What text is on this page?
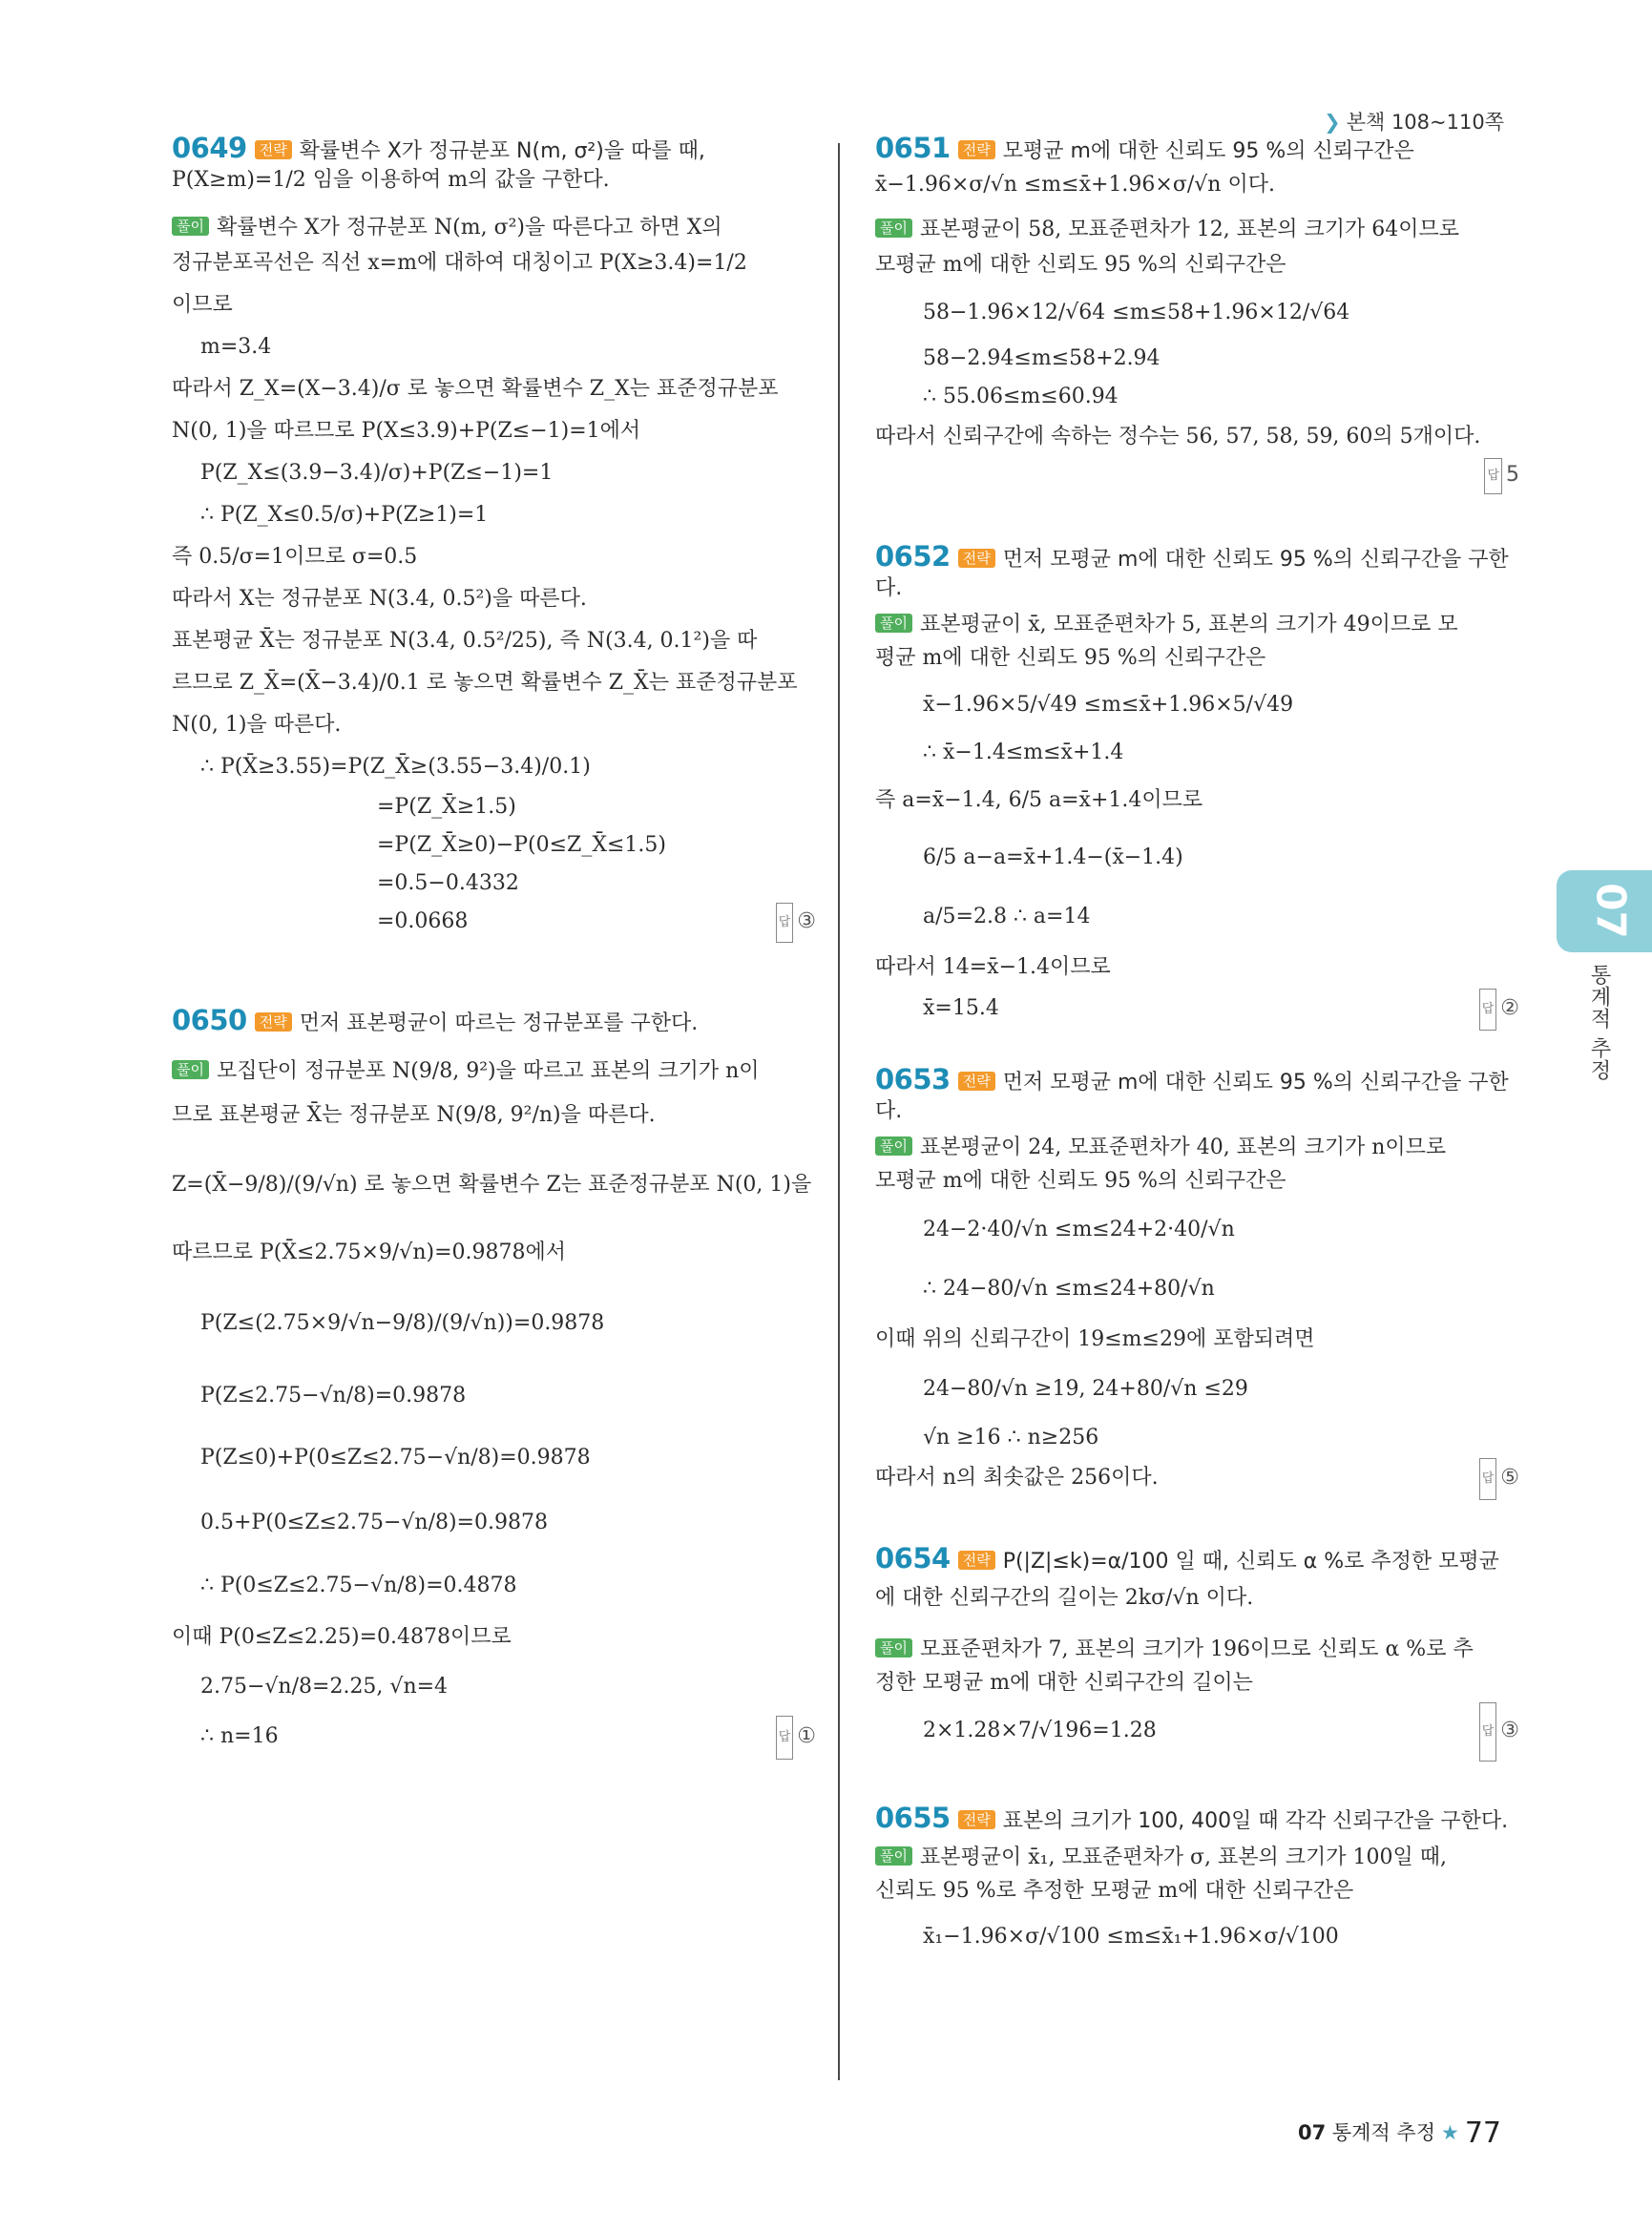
❯ 본책 108~110쪽
0649 전략 확률변수 X가 정규분포 N(m, σ²)을 따를 때,

P(X≥m)=1/2 임을 이용하여 m의 값을 구한다.

풀이 확률변수 X가 정규분포 N(m, σ²)을 따른다고 하면 X의

정규분포곡선은 직선 x=m에 대하여 대칭이고 P(X≥3.4)=1/2

이므로

m=3.4

따라서 Z_X=(X−3.4)/σ 로 놓으면 확률변수 Z_X는 표준정규분포

N(0, 1)을 따르므로 P(X≤3.9)+P(Z≤−1)=1에서

P(Z_X≤(3.9−3.4)/σ)+P(Z≤−1)=1

∴ P(Z_X≤0.5/σ)+P(Z≥1)=1

즉 0.5/σ=1이므로 σ=0.5

따라서 X는 정규분포 N(3.4, 0.5²)을 따른다.

표본평균 X̄는 정규분포 N(3.4, 0.5²/25), 즉 N(3.4, 0.1²)을 따

르므로 Z_X̄=(X̄−3.4)/0.1 로 놓으면 확률변수 Z_X̄는 표준정규분포

N(0, 1)을 따른다.

∴ P(X̄≥3.55)=P(Z_X̄≥(3.55−3.4)/0.1)

=P(Z_X̄≥1.5)

=P(Z_X̄≥0)−P(0≤Z_X̄≤1.5)

=0.5−0.4332

=0.0668	답 ③

0650 전략 먼저 표본평균이 따르는 정규분포를 구한다.

풀이 모집단이 정규분포 N(9/8, 9²)을 따르고 표본의 크기가 n이

므로 표본평균 X̄는 정규분포 N(9/8, 9²/n)을 따른다.

Z=(X̄−9/8)/(9/√n) 로 놓으면 확률변수 Z는 표준정규분포 N(0, 1)을

따르므로 P(X̄≤2.75×9/√n)=0.9878에서

P(Z≤(2.75×9/√n−9/8)/(9/√n))=0.9878

P(Z≤2.75−√n/8)=0.9878

P(Z≤0)+P(0≤Z≤2.75−√n/8)=0.9878

0.5+P(0≤Z≤2.75−√n/8)=0.9878

∴ P(0≤Z≤2.75−√n/8)=0.4878

이때 P(0≤Z≤2.25)=0.4878이므로

2.75−√n/8=2.25, √n=4

∴ n=16	답 ①

0651 전략 모평균 m에 대한 신뢰도 95 %의 신뢰구간은

x̄−1.96×σ/√n ≤m≤x̄+1.96×σ/√n 이다.

풀이 표본평균이 58, 모표준편차가 12, 표본의 크기가 64이므로

모평균 m에 대한 신뢰도 95 %의 신뢰구간은

58−1.96×12/√64 ≤m≤58+1.96×12/√64

58−2.94≤m≤58+2.94

∴ 55.06≤m≤60.94

따라서 신뢰구간에 속하는 정수는 56, 57, 58, 59, 60의 5개이다.

답 5

0652 전략 먼저 모평균 m에 대한 신뢰도 95 %의 신뢰구간을 구한다.

풀이 표본평균이 x̄, 모표준편차가 5, 표본의 크기가 49이므로 모

평균 m에 대한 신뢰도 95 %의 신뢰구간은

x̄−1.96×5/√49 ≤m≤x̄+1.96×5/√49

∴ x̄−1.4≤m≤x̄+1.4

즉 a=x̄−1.4, 6/5 a=x̄+1.4이므로

6/5 a−a=x̄+1.4−(x̄−1.4)

a/5=2.8 ∴ a=14

따라서 14=x̄−1.4이므로

x̄=15.4	답 ②

0653 전략 먼저 모평균 m에 대한 신뢰도 95 %의 신뢰구간을 구한다.

풀이 표본평균이 24, 모표준편차가 40, 표본의 크기가 n이므로

모평균 m에 대한 신뢰도 95 %의 신뢰구간은

24−2·40/√n ≤m≤24+2·40/√n

∴ 24−80/√n ≤m≤24+80/√n

이때 위의 신뢰구간이 19≤m≤29에 포함되려면

24−80/√n ≥19, 24+80/√n ≤29

√n ≥16 ∴ n≥256

따라서 n의 최솟값은 256이다.	답 ⑤

0654 전략 P(|Z|≤k)=α/100 일 때, 신뢰도 α %로 추정한 모평균

에 대한 신뢰구간의 길이는 2kσ/√n 이다.

풀이 모표준편차가 7, 표본의 크기가 196이므로 신뢰도 α %로 추

정한 모평균 m에 대한 신뢰구간의 길이는

2×1.28×7/√196=1.28	답 ③

0655 전략 표본의 크기가 100, 400일 때 각각 신뢰구간을 구한다.

풀이 표본평균이 x̄₁, 모표준편차가 σ, 표본의 크기가 100일 때,

신뢰도 95 %로 추정한 모평균 m에 대한 신뢰구간은

x̄₁−1.96×σ/√100 ≤m≤x̄₁+1.96×σ/√100

07
통계적 추정
07 통계적 추정 ★ 77
